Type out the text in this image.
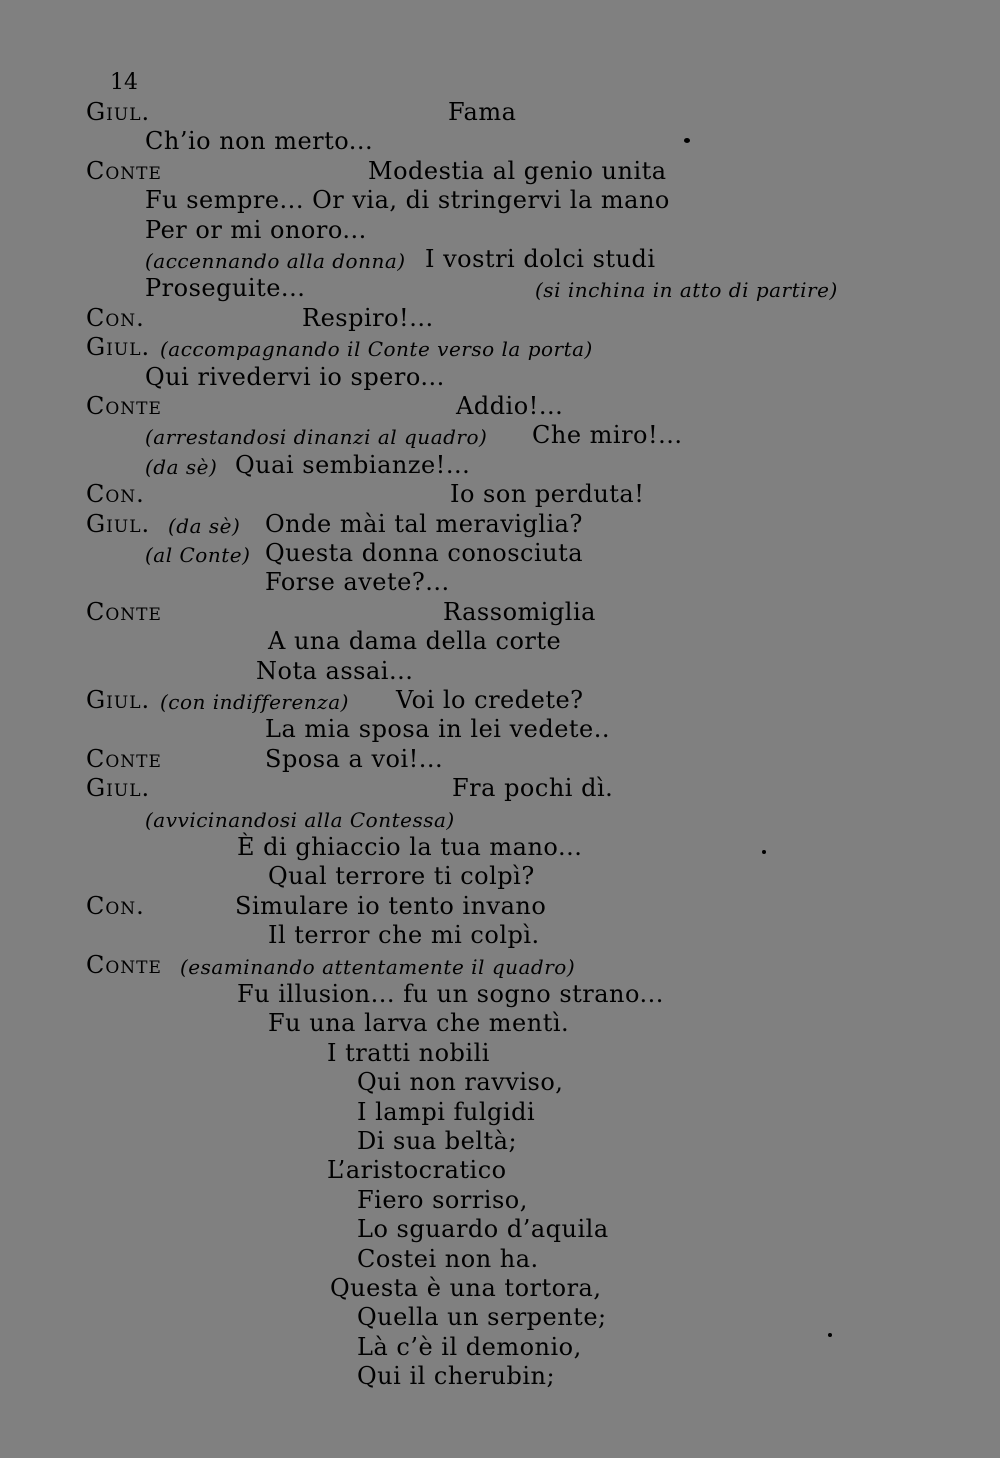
14
Giul.	Fama
Ch’io non merto...
Conte	Modestia al genio unita
Fu sempre... Or via, di stringervi la mano
Per or mi onoro...
(accennando alla donna) I vostri dolci studi
Proseguite...	(si inchina in atto di partire)
Con.	Respiro!...
Giul. (accompagnando il Conte verso la porta)
Qui rivedervi io spero...
Conte	Addio!...
(arrestandosi dinanzi al quadro) Che miro!...
(da sè) Quai sembianze!...
Con.	Io son perduta!
Giul. (da sè) Onde mài tal meraviglia?
(al Conte) Questa donna conosciuta
Forse avete?...
Conte	Rassomiglia
A una dama della corte
Nota assai...
Giul. (con indifferenza) Voi lo credete?
La mia sposa in lei vedete..
Conte	Sposa a voi!...
Giul.	Fra pochi dì.
(avvicinandosi alla Contessa)
È di ghiaccio la tua mano...
Qual terrore ti colpì?
Con.	Simulare io tento invano
Il terror che mi colpì.
Conte (esaminando attentamente il quadro)
Fu illusion... fu un sogno strano...
Fu una larva che mentì.
I tratti nobili
Qui non ravviso,
I lampi fulgidi
Di sua beltà;
L’aristocratico
Fiero sorriso,
Lo sguardo d’aquila
Costei non ha.
Questa è una tortora,
Quella un serpente;
Là c’è il demonio,
Qui il cherubin;
